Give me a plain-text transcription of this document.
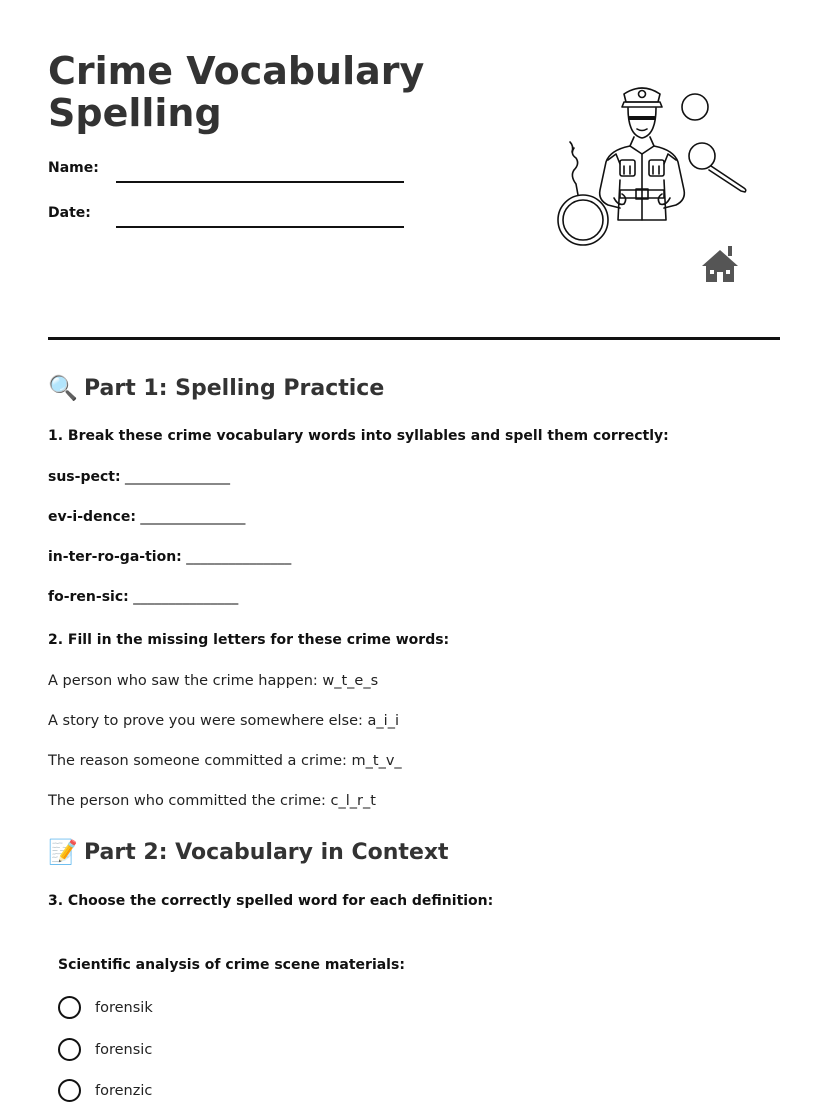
Crime Vocabulary
Spelling
Name:
Date:
🔍 Part 1: Spelling Practice
1. Break these crime vocabulary words into syllables and spell them correctly:
sus-pect: _______________
ev-i-dence: _______________
in-ter-ro-ga-tion: _______________
fo-ren-sic: _______________
2. Fill in the missing letters for these crime words:
A person who saw the crime happen: w_t_e_s
A story to prove you were somewhere else: a_i_i
The reason someone committed a crime: m_t_v_
The person who committed the crime: c_l_r_t
📝 Part 2: Vocabulary in Context
3. Choose the correctly spelled word for each definition:
Scientific analysis of crime scene materials:
forensik
forensic
forenzic
